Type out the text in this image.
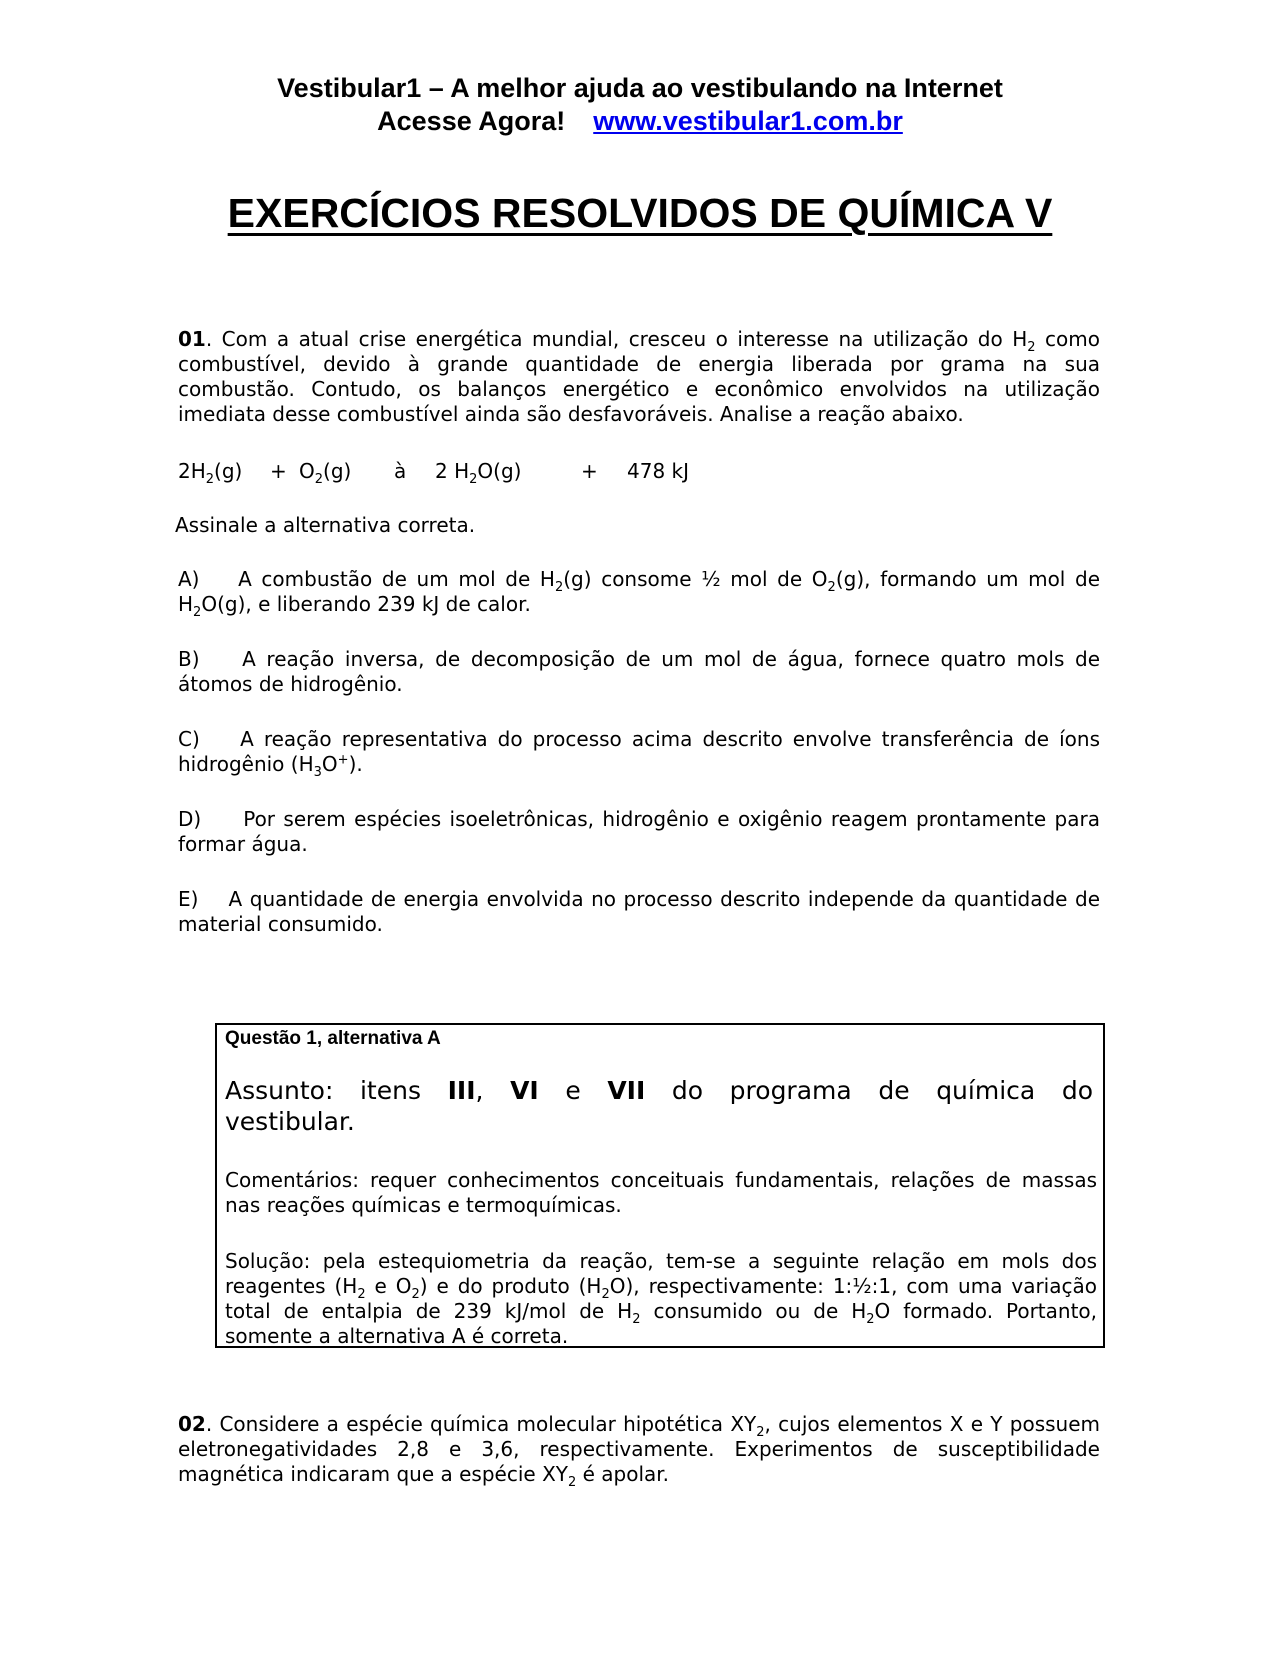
Vestibular1 – A melhor ajuda ao vestibulando na Internet
Acesse Agora! www.vestibular1.com.br
EXERCÍCIOS RESOLVIDOS DE QUÍMICA V
01. Com a atual crise energética mundial, cresceu o interesse na utilização do $H_2$ como combustível, devido à grande quantidade de energia liberada por grama na sua combustão. Contudo, os balanços energético e econômico envolvidos na utilização imediata desse combustível ainda são desfavoráveis. Analise a reação abaixo.
$2H_2(g) + O_2(g)$ à 2 $H_2O(g)$	+ 478 kJ
Assinale a alternativa correta.
A) A combustão de um mol de $H_2(g)$ consome ½ mol de $O_2(g)$, formando um mol de $H_2O(g)$, e liberando 239 kJ de calor.
B) A reação inversa, de decomposição de um mol de água, fornece quatro mols de átomos de hidrogênio.
C) A reação representativa do processo acima descrito envolve transferência de íons hidrogênio $(H_3O^+)$.
D) Por serem espécies isoeletrônicas, hidrogênio e oxigênio reagem prontamente para formar água.
E) A quantidade de energia envolvida no processo descrito independe da quantidade de material consumido.
Questão 1, alternativa A
Assunto: itens III, VI e VII do programa de química do
vestibular.
Comentários: requer conhecimentos conceituais fundamentais, relações de massas nas reações químicas e termoquímicas.
Solução: pela estequiometria da reação, tem-se a seguinte relação em mols dos reagentes ($H_2$ e $O_2$) e do produto $(H_2O)$, respectivamente: 1:½:1, com uma variação total de entalpia de 239 kJ/mol de $H_2$ consumido ou de $H_2O$ formado. Portanto, somente a alternativa A é correta.
02. Considere a espécie química molecular hipotética $XY_2$, cujos elementos X e Y possuem eletronegatividades 2,8 e 3,6, respectivamente. Experimentos de susceptibilidade magnética indicaram que a espécie $XY_2$ é apolar.
